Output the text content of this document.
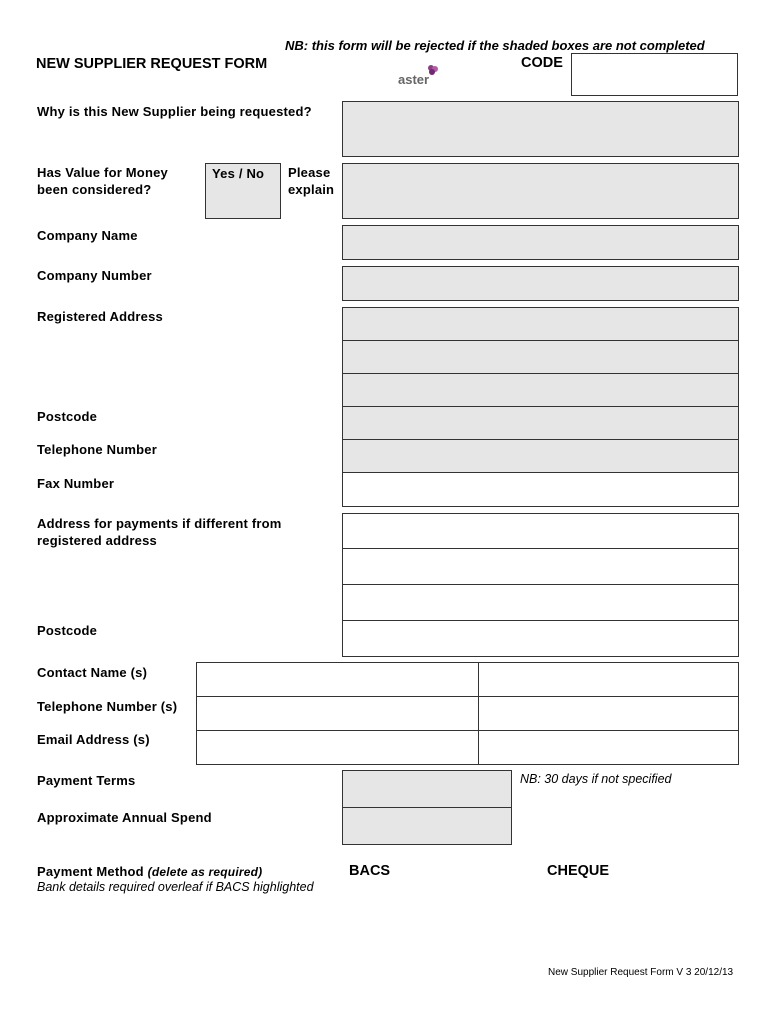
NB: this form will be rejected if the shaded boxes are not completed
NEW SUPPLIER REQUEST FORM
aster
CODE
Why is this New Supplier being requested?
Has Value for Money
been considered?
Yes / No Please
explain
Company Name
Company Number
Registered Address
Postcode
Telephone Number
Fax Number
Address for payments if different from
registered address
Postcode
Contact Name (s)
Telephone Number (s)
Email Address (s)
Payment Terms	NB: 30 days if not specified
Approximate Annual Spend
Payment Method (delete as required)
Bank details required overleaf if BACS highlighted
BACS	CHEQUE
New Supplier Request Form V 3 20/12/13
